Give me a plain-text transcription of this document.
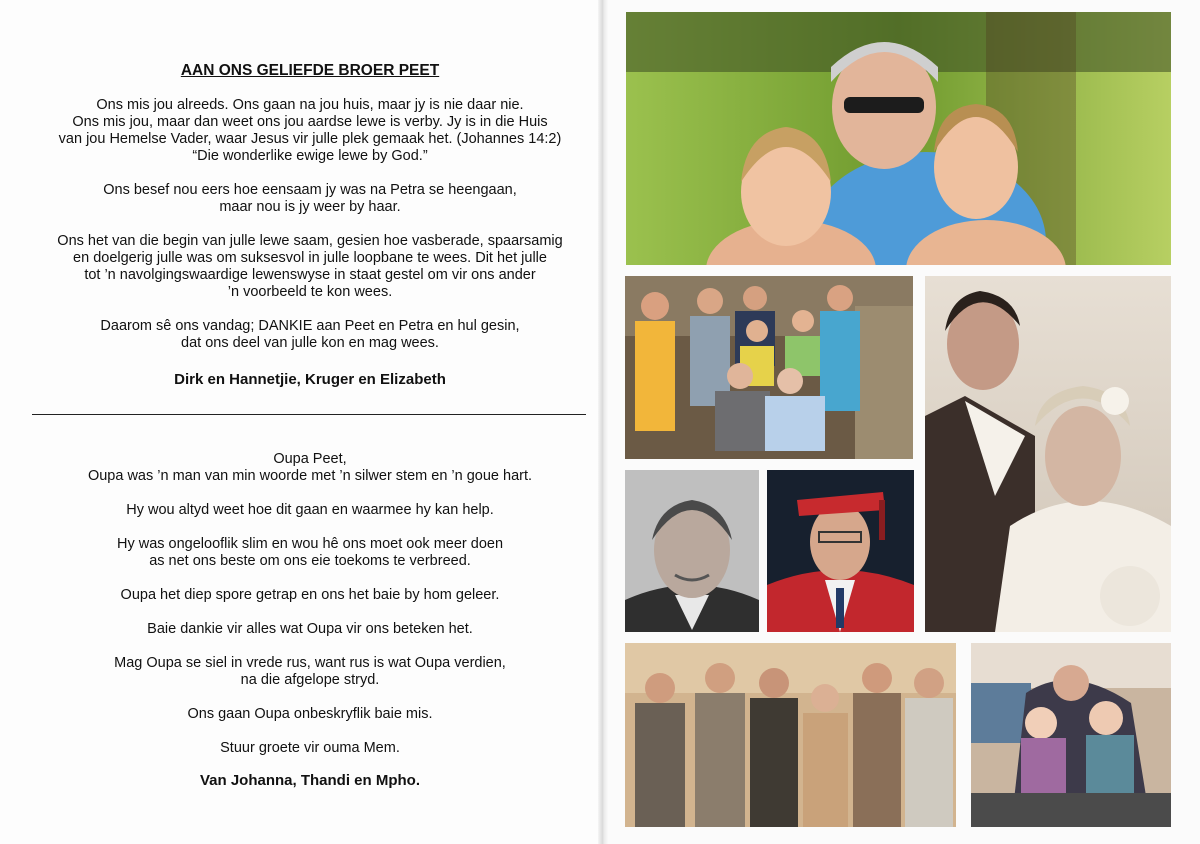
AAN ONS GELIEFDE BROER PEET

Ons mis jou alreeds. Ons gaan na jou huis, maar jy is nie daar nie.
Ons mis jou, maar dan weet ons jou aardse lewe is verby. Jy is in die Huis
van jou Hemelse Vader, waar Jesus vir julle plek gemaak het. (Johannes 14:2)
“Die wonderlike ewige lewe by God.”

Ons besef nou eers hoe eensaam jy was na Petra se heengaan,
maar nou is jy weer by haar.

Ons het van die begin van julle lewe saam, gesien hoe vasberade, spaarsamig
en doelgerig julle was om suksesvol in julle loopbane te wees. Dit het julle
tot ’n navolgingswaardige lewenswyse in staat gestel om vir ons ander
’n voorbeeld te kon wees.

Daarom sê ons vandag; DANKIE aan Peet en Petra en hul gesin,
dat ons deel van julle kon en mag wees.

Dirk en Hannetjie, Kruger en Elizabeth

Oupa Peet,
Oupa was ’n man van min woorde met ’n silwer stem en ’n goue hart.

Hy wou altyd weet hoe dit gaan en waarmee hy kan help.

Hy was ongelooflik slim en wou hê ons moet ook meer doen
as net ons beste om ons eie toekoms te verbreed.

Oupa het diep spore getrap en ons het baie by hom geleer.

Baie dankie vir alles wat Oupa vir ons beteken het.

Mag Oupa se siel in vrede rus, want rus is wat Oupa verdien,
na die afgelope stryd.

Ons gaan Oupa onbeskryflik baie mis.

Stuur groete vir ouma Mem.

Van Johanna, Thandi en Mpho.
